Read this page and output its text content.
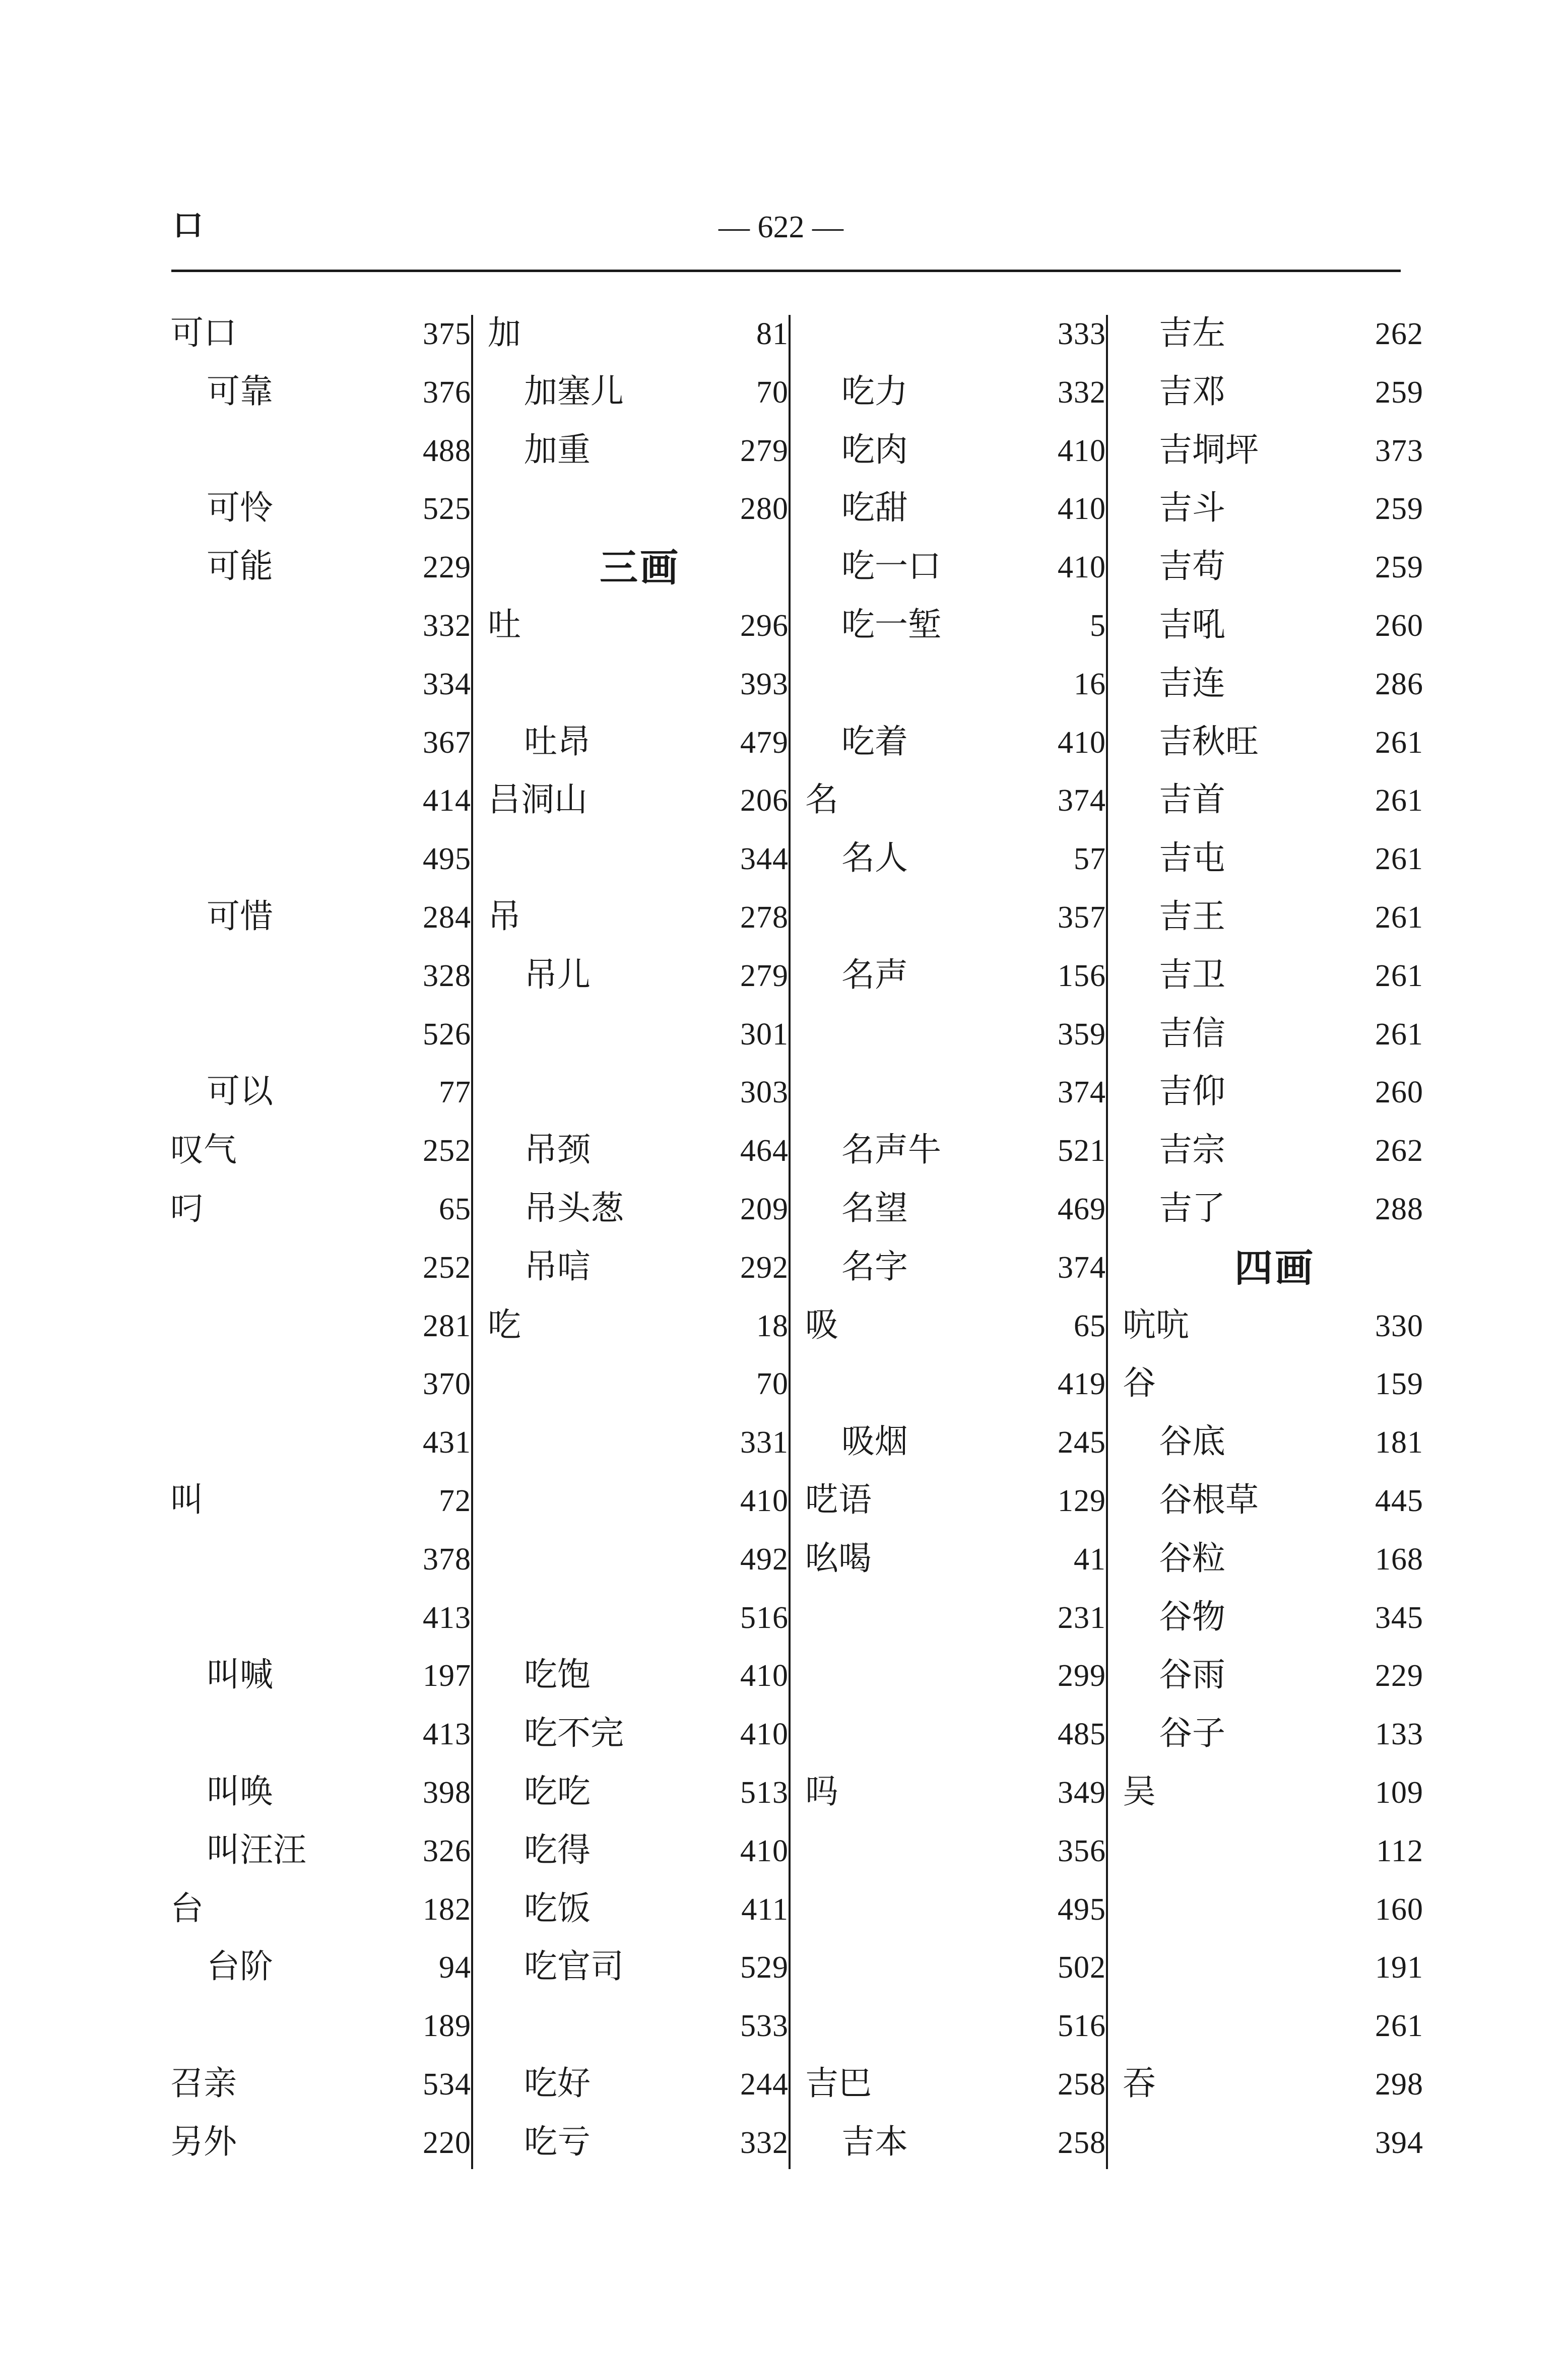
口	— 622 —
可口	375
可靠	376
488
可怜	525
可能	229
332
334
367
414
495
可惜	284
328
526
可以	77
叹气	252
叼	65
252
281
370
431
叫	72
378
413
叫喊	197
413
叫唤	398
叫汪汪	326
台	182
台阶	94
189
召亲	534
另外	220
加	81
加塞儿	70
加重	279
280
三画
吐	296
393
吐昂	479
吕洞山	206
344
吊	278
吊儿	279
301
303
吊颈	464
吊头葱	209
吊唁	292
吃	18
70
331
410
492
516
吃饱	410
吃不完	410
吃吃	513
吃得	410
吃饭	411
吃官司	529
533
吃好	244
吃亏	332
333
吃力	332
吃肉	410
吃甜	410
吃一口	410
吃一堑	5
16
吃着	410
名	374
名人	57
357
名声	156
359
374
名声牛	521
名望	469
名字	374
吸	65
419
吸烟	245
呓语	129
吆喝	41
231
299
485
吗	349
356
495
502
516
吉巴	258
吉本	258
吉左	262
吉邓	259
吉垌坪	373
吉斗	259
吉苟	259
吉吼	260
吉连	286
吉秋旺	261
吉首	261
吉屯	261
吉王	261
吉卫	261
吉信	261
吉仰	260
吉宗	262
吉了	288
四画
吭吭	330
谷	159
谷底	181
谷根草	445
谷粒	168
谷物	345
谷雨	229
谷子	133
吴	109
112
160
191
261
吞	298
394
